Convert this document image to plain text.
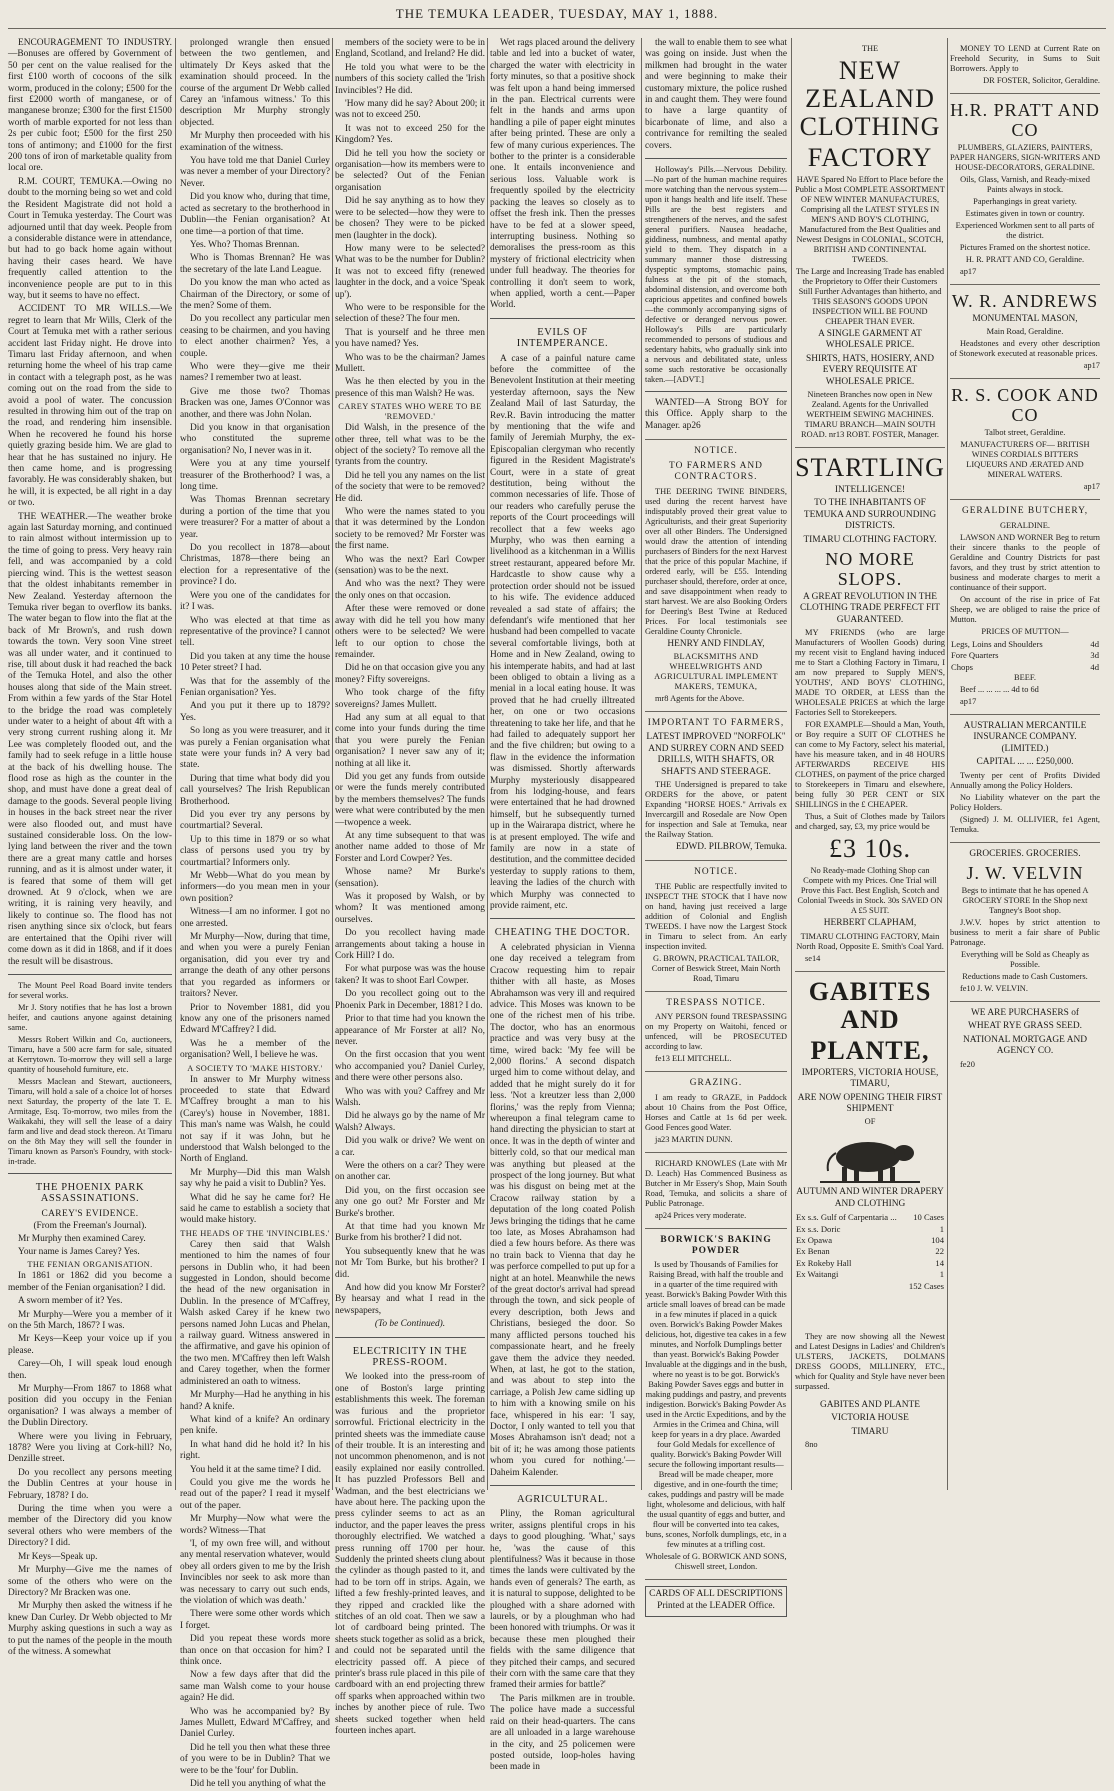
THE TEMUKA LEADER, TUESDAY, MAY 1, 1888.

ENCOURAGEMENT TO INDUSTRY.—Bonuses are offered by Government of 50 per cent on the value realised for the first £100 worth of cocoons of the silk worm, produced in the colony; £500 for the first £2000 worth of manganese, or of manganese bronze; £300 for the first £1500 worth of marble exported for not less than 2s per cubic foot; £500 for the first 250 tons of antimony; and £1000 for the first 200 tons of iron of marketable quality from local ore.

R.M. COURT, TEMUKA.—Owing no doubt to the morning being so wet and cold the Resident Magistrate did not hold a Court in Temuka yesterday. The Court was adjourned until that day week. People from a considerable distance were in attendance, but had to go back home again without having their cases heard. We have frequently called attention to the inconvenience people are put to in this way, but it seems to have no effect.

ACCIDENT TO MR WILLS.—We regret to learn that Mr Wills, Clerk of the Court at Temuka met with a rather serious accident last Friday night. He drove into Timaru last Friday afternoon, and when returning home the wheel of his trap came in contact with a telegraph post, as he was coming out on the road from the side to avoid a pool of water. The concussion resulted in throwing him out of the trap on the road, and rendering him insensible. When he recovered he found his horse quietly grazing beside him. We are glad to hear that he has sustained no injury. He then came home, and is progressing favorably. He was considerably shaken, but he will, it is expected, be all right in a day or two.

THE WEATHER.—The weather broke again last Saturday morning, and continued to rain almost without intermission up to the time of going to press. Very heavy rain fell, and was accompanied by a cold piercing wind. This is the wettest season that the oldest inhabitants remember in New Zealand. Yesterday afternoon the Temuka river began to overflow its banks. The water began to flow into the flat at the back of Mr Brown's, and rush down towards the town. Very soon Vine street was all under water, and it continued to rise, till about dusk it had reached the back of the Temuka Hotel, and also the other houses along that side of the Main street. From within a few yards of the Star Hotel to the bridge the road was completely under water to a height of about 4ft with a very strong current rushing along it. Mr Lee was completely flooded out, and the family had to seek refuge in a little house at the back of his dwelling house. The flood rose as high as the counter in the shop, and must have done a great deal of damage to the goods. Several people living in houses in the back street near the river were also flooded out, and must have sustained considerable loss. On the low-lying land between the river and the town there are a great many cattle and horses running, and as it is almost under water, it is feared that some of them will get drowned. At 9 o'clock, when we are writing, it is raining very heavily, and likely to continue so. The flood has not risen anything since six o'clock, but fears are entertained that the Opihi river will come down as it did in 1868, and if it does the result will be disastrous.

The Mount Peel Road Board invite tenders for several works.

Mr J. Story notifies that he has lost a brown heifer, and cautions anyone against detaining same.

Messrs Robert Wilkin and Co, auctioneers, Timaru, have a 500 acre farm for sale, situated at Kerrytown. To-morrow they will sell a large quantity of household furniture, etc.

Messrs Maclean and Stewart, auctioneers, Timaru, will hold a sale of a choice lot of horses next Saturday, the property of the late T. E. Armitage, Esq. To-morrow, two miles from the Waikakahi, they will sell the lease of a dairy farm and live and dead stock thereon. At Timaru on the 8th May they will sell the founder in Timaru known as Parson's Foundry, with stock-in-trade.

THE PHOENIX PARK ASSASSINATIONS.

CAREY'S EVIDENCE.

(From the Freeman's Journal).

Mr Murphy then examined Carey.

Your name is James Carey? Yes.

THE FENIAN ORGANISATION.

In 1861 or 1862 did you become a member of the Fenian organisation? I did.

A sworn member of it? Yes.

Mr Murphy—Were you a member of it on the 5th March, 1867? I was.

Mr Keys—Keep your voice up if you please.

Carey—Oh, I will speak loud enough then.

Mr Murphy—From 1867 to 1868 what position did you occupy in the Fenian organisation? I was always a member of the Dublin Directory.

Where were you living in February, 1878? Were you living at Cork-hill? No, Denzille street.

Do you recollect any persons meeting the Dublin Centres at your house in February, 1878? I do.

During the time when you were a member of the Directory did you know several others who were members of the Directory? I did.

Mr Keys—Speak up.

Mr Murphy—Give me the names of some of the others who were on the Directory? Mr Bracken was one.

Mr Murphy then asked the witness if he knew Dan Curley. Dr Webb objected to Mr Murphy asking questions in such a way as to put the names of the people in the mouth of the witness. A somewhat

prolonged wrangle then ensued between the two gentlemen, and ultimately Dr Keys asked that the examination should proceed. In the course of the argument Dr Webb called Carey an 'infamous witness.' To this description Mr Murphy strongly objected.

Mr Murphy then proceeded with his examination of the witness.

You have told me that Daniel Curley was never a member of your Directory? Never.

Did you know who, during that time, acted as secretary to the brotherhood in Dublin—the Fenian organisation? At one time—a portion of that time.

Yes. Who? Thomas Brennan.

Who is Thomas Brennan? He was the secretary of the late Land League.

Do you know the man who acted as Chairman of the Directory, or some of the men? Some of them.

Do you recollect any particular men ceasing to be chairmen, and you having to elect another chairmen? Yes, a couple.

Who were they—give me their names? I remember two at least.

Give me those two? Thomas Bracken was one, James O'Connor was another, and there was John Nolan.

Did you know in that organisation who constituted the supreme organisation? No, I never was in it.

Were you at any time yourself treasurer of the Brotherhood? I was, a long time.

Was Thomas Brennan secretary during a portion of the time that you were treasurer? For a matter of about a year.

Do you recollect in 1878—about Christmas, 1878—there being an election for a representative of the province? I do.

Were you one of the candidates for it? I was.

Who was elected at that time as representative of the province? I cannot tell.

Did you taken at any time the house 10 Peter street? I had.

Was that for the assembly of the Fenian organisation? Yes.

And you put it there up to 1879? Yes.

So long as you were treasurer, and it was purely a Fenian organisation what state were your funds in? A very bad state.

During that time what body did you call yourselves? The Irish Republican Brotherhood.

Did you ever try any persons by courtmartial? Several.

Up to this time in 1879 or so what class of persons used you try by courtmartial? Informers only.

Mr Webb—What do you mean by informers—do you mean men in your own position?

Witness—I am no informer. I got no one arrested.

Mr Murphy—Now, during that time, and when you were a purely Fenian organisation, did you ever try and arrange the death of any other persons that you regarded as informers or traitors? Never.

Prior to November 1881, did you know any one of the prisoners named Edward M'Caffrey? I did.

Was he a member of the organisation? Well, I believe he was.

A SOCIETY TO 'MAKE HISTORY.'

In answer to Mr Murphy witness proceeded to state that Edward M'Caffrey brought a man to his (Carey's) house in November, 1881. This man's name was Walsh, he could not say if it was John, but he understood that Walsh belonged to the North of England.

Mr Murphy—Did this man Walsh say why he paid a visit to Dublin? Yes.

What did he say he came for? He said he came to establish a society that would make history.

THE HEADS OF THE 'INVINCIBLES.'

Carey then said that Walsh mentioned to him the names of four persons in Dublin who, it had been suggested in London, should become the head of the new organisation in Dublin. In the presence of M'Caffrey, Walsh asked Carey if he knew two persons named John Lucas and Phelan, a railway guard. Witness answered in the affirmative, and gave his opinion of the two men. M'Caffrey then left Walsh and Carey together, when the former administered an oath to witness.

Mr Murphy—Had he anything in his hand? A knife.

What kind of a knife? An ordinary pen knife.

In what hand did he hold it? In his right.

You held it at the same time? I did.

Could you give me the words he read out of the paper? I read it myself out of the paper.

Mr Murphy—Now what were the words? Witness—That

'I, of my own free will, and without any mental reservation whatever, would obey all orders given to me by the Irish Invincibles nor seek to ask more than was necessary to carry out such ends, the violation of which was death.'

There were some other words which I forget.

Did you repeat these words more than once on that occasion for him? I think once.

Now a few days after that did the same man Walsh come to your house again? He did.

Who was he accompanied by? By James Mullett, Edward M'Caffrey, and Daniel Curley.

Did he tell you then what these three of you were to be in Dublin? That we were to be the 'four' for Dublin.

Did he tell you anything of what the

members of the society were to be in England, Scotland, and Ireland? He did.

He told you what were to be the numbers of this society called the 'Irish Invincibles'? He did.

'How many did he say? About 200; it was not to exceed 250.

It was not to exceed 250 for the Kingdom? Yes.

Did he tell you how the society or organisation—how its members were to be selected? Out of the Fenian organisation

Did he say anything as to how they were to be selected—how they were to be chosen? They were to be picked men (laughter in the dock).

How many were to be selected? What was to be the number for Dublin? It was not to exceed fifty (renewed laughter in the dock, and a voice 'Speak up').

Who were to be responsible for the selection of these? The four men.

That is yourself and he three men you have named? Yes.

Who was to be the chairman? James Mullett.

Was he then elected by you in the presence of this man Walsh? He was.

CAREY STATES WHO WERE TO BE 'REMOVED.'

Did Walsh, in the presence of the other three, tell what was to be the object of the society? To remove all the tyrants from the country.

Did he tell you any names on the list of the society that were to be removed? He did.

Who were the names stated to you that it was determined by the London society to be removed? Mr Forster was the first name.

Who was the next? Earl Cowper (sensation) was to be the next.

And who was the next? They were the only ones on that occasion.

After these were removed or done away with did he tell you how many others were to be selected? We were left to our option to chose the remainder.

Did he on that occasion give you any money? Fifty sovereigns.

Who took charge of the fifty sovereigns? James Mullett.

Had any sum at all equal to that come into your funds during the time that you were purely the Fenian organisation? I never saw any of it; nothing at all like it.

Did you get any funds from outside or were the funds merely contributed by the members themselves? The funds were what were contributed by the men—twopence a week.

At any time subsequent to that was another name added to those of Mr Forster and Lord Cowper? Yes.

Whose name? Mr Burke's (sensation).

Was it proposed by Walsh, or by whom? It was mentioned among ourselves.

Do you recollect having made arrangements about taking a house in Cork Hill? I do.

For what purpose was was the house taken? It was to shoot Earl Cowper.

Do you recollect going out to the Phoenix Park in December, 1881? I do.

Prior to that time had you known the appearance of Mr Forster at all? No, never.

On the first occasion that you went who accompanied you? Daniel Curley, and there were other persons also.

Who was with you? Caffrey and Mr Walsh.

Did he always go by the name of Mr Walsh? Always.

Did you walk or drive? We went on a car.

Were the others on a car? They were on another car.

Did you, on the first occasion see any one go out? Mr Forster and Mr Burke's brother.

At that time had you known Mr Burke from his brother? I did not.

You subsequently knew that he was not Mr Tom Burke, but his brother? I did.

And how did you know Mr Forster? By hearsay and what I read in the newspapers,

(To be Continued).

ELECTRICITY IN THE PRESS-ROOM.

We looked into the press-room of one of Boston's large printing establishments this week. The foreman was furious and the proprietor sorrowful. Frictional electricity in the printed sheets was the immediate cause of their trouble. It is an interesting and not uncommon phenomenon, and is not easily explained nor easily controlled. It has puzzled Professors Bell and Wadman, and the best electricians we have about here. The packing upon the press cylinder seems to act as an inductor, and the paper leaves the press thoroughly electrified. We watched a press running off 1700 per hour. Suddenly the printed sheets clung about the cylinder as though pasted to it, and had to be torn off in strips. Again, we lifted a few freshly-printed leaves, and they ripped and crackled like the stitches of an old coat. Then we saw a lot of cardboard being printed. The sheets stuck together as solid as a brick, and could not be separated until the electricity passed off. A piece of printer's brass rule placed in this pile of cardboard with an end projecting threw off sparks when approached within two inches by another piece of rule. Two sheets sucked together when held fourteen inches apart.

Wet rags placed around the delivery table and led into a bucket of water, charged the water with electricity in forty minutes, so that a positive shock was felt upon a hand being immersed in the pan. Electrical currents were felt in the hands and arms upon handling a pile of paper eight minutes after being printed. These are only a few of many curious experiences. The bother to the printer is a considerable one. It entails inconvenience and serious loss. Valuable work is frequently spoiled by the electricity packing the leaves so closely as to offset the fresh ink. Then the presses have to be fed at a slower speed, interrupting business. Nothing so demoralises the press-room as this mystery of frictional electricity when under full headway. The theories for controlling it don't seem to work, when applied, worth a cent.—Paper World.

EVILS OF INTEMPERANCE.

A case of a painful nature came before the committee of the Benevolent Institution at their meeting yesterday afternoon, says the New Zealand Mail of last Saturday, the Rev.R. Bavin introducing the matter by mentioning that the wife and family of Jeremiah Murphy, the ex-Episcopalian clergyman who recently figured in the Resident Magistrate's Court, were in a state of great destitution, being without the common necessaries of life. Those of our readers who carefully peruse the reports of the Court proceedings will recollect that a few weeks ago Murphy, who was then earning a livelihood as a kitchenman in a Willis street restaurant, appeared before Mr. Hardcastle to show cause why a protection order should not be issued to his wife. The evidence adduced revealed a sad state of affairs; the defendant's wife mentioned that her husband had been compelled to vacate several comfortable livings, both at Home and in New Zealand, owing to his intemperate habits, and had at last been obliged to obtain a living as a menial in a local eating house. It was proved that he had cruelly illtreated her, on one or two occasions threatening to take her life, and that he had failed to adequately support her and the five children; but owing to a flaw in the evidence the information was dismissed. Shortly afterwards Murphy mysteriously disappeared from his lodging-house, and fears were entertained that he had drowned himself, but he subsequently turned up in the Wairarapa district, where he is at present employed. The wife and family are now in a state of destitution, and the committee decided yesterday to supply rations to them, leaving the ladies of the church with which Murphy was connected to provide raiment, etc.

CHEATING THE DOCTOR.

A celebrated physician in Vienna one day received a telegram from Cracow requesting him to repair thither with all haste, as Moses Abrahamson was very ill and required advice. This Moses was known to be one of the richest men of his tribe. The doctor, who has an enormous practice and was very busy at the time, wired back: 'My fee will be 2,000 florins.' A second dispatch urged him to come without delay, and added that he might surely do it for less. 'Not a kreutzer less than 2,000 florins,' was the reply from Vienna; whereupon a final telegram came to hand directing the physician to start at once. It was in the depth of winter and bitterly cold, so that our medical man was anything but pleased at the prospect of the long journey. But what was his disgust on being met at the Cracow railway station by a deputation of the long coated Polish Jews bringing the tidings that he came too late, as Moses Abrahamson had died a few hours before. As there was no train back to Vienna that day he was perforce compelled to put up for a night at an hotel. Meanwhile the news of the great doctor's arrival had spread through the town, and sick people of every description, both Jews and Christians, besieged the door. So many afflicted persons touched his compassionate heart, and he freely gave them the advice they needed. When, at last, he got to the station, and was about to step into the carriage, a Polish Jew came sidling up to him with a knowing smile on his face, whispered in his ear: 'I say, Doctor, I only wanted to tell you that Moses Abrahamson isn't dead; not a bit of it; he was among those patients whom you cured for nothing.'—Daheim Kalender.

AGRICULTURAL.

Pliny, the Roman agricultural writer, assigns plentiful crops in his days to good ploughing. 'What,' says he, 'was the cause of this plentifulness? Was it because in those times the lands were cultivated by the hands even of generals? The earth, as it is natural to suppose, delighted to be ploughed with a share adorned with laurels, or by a ploughman who had been honored with triumphs. Or was it because these men ploughed their fields with the same diligence that they pitched their camps, and secured their corn with the same care that they framed their armies for battle?'

The Paris milkmen are in trouble. The police have made a successful raid on their head-quarters. The cans are all unloaded in a large warehouse in the city, and 25 policemen were posted outside, loop-holes having been made in

the wall to enable them to see what was going on inside. Just when the milkmen had brought in the water and were beginning to make their customary mixture, the police rushed in and caught them. They were found to have a large quantity of bicarbonate of lime, and also a contrivance for remilting the sealed covers.

Holloway's Pills.—Nervous Debility.—No part of the human machine requires more watching than the nervous system—upon it hangs health and life itself. These Pills are the best registers and strengtheners of the nerves, and the safest general purifiers. Nausea headache, giddiness, numbness, and mental apathy yield to them. They dispatch in a summary manner those distressing dyspeptic symptoms, stomachic pains, fulness at the pit of the stomach, abdominal distension, and overcome both capricious appetites and confined bowels—the commonly accompanying signs of defective or deranged nervous power. Holloway's Pills are particularly recommended to persons of studious and sedentary habits, who gradually sink into a nervous and debilitated state, unless some such restorative be occasionally taken.—[ADVT.]

WANTED—A Strong BOY for this Office. Apply sharp to the Manager. ap26

NOTICE.
TO FARMERS AND CONTRACTORS.

THE DEERING TWINE BINDERS, used during the recent harvest have indisputably proved their great value to Agriculturists, and their great Superiority over all other Binders. The Undersigned would draw the attention of intending purchasers of Binders for the next Harvest that the price of this popular Machine, if ordered early, will be £55. Intending purchaser should, therefore, order at once, and save disappointment when ready to start harvest. We are also Booking Orders for Deering's Best Twine at Reduced Prices. For local testimonials see Geraldine County Chronicle.

HENRY AND FINDLAY,

BLACKSMITHS AND WHEELWRIGHTS AND AGRICULTURAL IMPLEMENT MAKERS, TEMUKA,

mr8 Agents for the Above.

IMPORTANT TO FARMERS,

LATEST IMPROVED "NORFOLK" AND SURREY CORN AND SEED DRILLS, WITH SHAFTS, OR SHAFTS AND STEERAGE.

THE Undersigned is prepared to take ORDERS for the above, or patent Expanding "HORSE HOES." Arrivals ex Invercargill and Rosedale are Now Open for inspection and Sale at Temuka, near the Railway Station.

EDWD. PILBROW, Temuka.

NOTICE.

THE Public are respectfully invited to INSPECT THE STOCK that I have now on hand, having just received a large addition of Colonial and English TWEEDS. I have now the Largest Stock in Timaru to select from. An early inspection invited.

G. BROWN, PRACTICAL TAILOR, Corner of Beswick Street, Main North Road, Timaru

TRESPASS NOTICE.

ANY PERSON found TRESPASSING on my Property on Waitohi, fenced or unfenced, will be PROSECUTED according to law.

fe13 ELI MITCHELL.

GRAZING.

I am ready to GRAZE, in Paddock about 10 Chains from the Post Office, Horses and Cattle at 1s 6d per week. Good Fences good Water.

ja23 MARTIN DUNN.

RICHARD KNOWLES (Late with Mr D. Leach) Has Commenced Business as Butcher in Mr Essery's Shop, Main South Road, Temuka, and solicits a share of Public Patronage.

ap24 Prices very moderate.

BORWICK'S BAKING POWDER

Is used by Thousands of Families for Raising Bread, with half the trouble and in a quarter of the time required with yeast. Borwick's Baking Powder With this article small loaves of bread can be made in a few minutes if placed in a quick oven. Borwick's Baking Powder Makes delicious, hot, digestive tea cakes in a few minutes, and Norfolk Dumplings better than yeast. Borwick's Baking Powder Invaluable at the diggings and in the bush, where no yeast is to be got. Borwick's Baking Powder Saves eggs and butter in making puddings and pastry, and prevents indigestion. Borwick's Baking Powder As used in the Arctic Expeditions, and by the Armies in the Crimea and China, will keep for years in a dry place. Awarded four Gold Medals for excellence of quality. Borwick's Baking Powder Will secure the following important results— Bread will be made cheaper, more digestive, and in one-fourth the time; cakes, puddings and pastry will be made light, wholesome and delicious, with half the usual quantity of eggs and butter, and flour will be converted into tea cakes, buns, scones, Norfolk dumplings, etc, in a few minutes at a trifling cost.

Wholesale of G. BORWICK AND SONS, Chiswell street, London.

CARDS OF ALL DESCRIPTIONS Printed at the LEADER Office.

THE

NEW ZEALAND CLOTHING
FACTORY

HAVE Spared No Effort to Place before the Public a Most COMPLETE ASSORTMENT OF NEW WINTER MANUFACTURES, Comprising all the LATEST STYLES IN MEN'S AND BOY'S CLOTHING, Manufactured from the Best Qualities and Newest Designs in COLONIAL, SCOTCH, BRITISH AND CONTINENTAL TWEEDS.

The Large and Increasing Trade has enabled the Proprietory to Offer their Customers Still Further Advantages than hitherto, and THIS SEASON'S GOODS UPON INSPECTION WILL BE FOUND CHEAPER THAN EVER.

A SINGLE GARMENT AT WHOLESALE PRICE.

SHIRTS, HATS, HOSIERY, AND EVERY REQUISITE AT WHOLESALE PRICE.

Nineteen Branches now open in New Zealand. Agents for the Unrivalled WERTHEIM SEWING MACHINES. TIMARU BRANCH—MAIN SOUTH ROAD. nr13 ROBT. FOSTER, Manager.

STARTLING

INTELLIGENCE!

TO THE INHABITANTS OF TEMUKA AND SURROUNDING DISTRICTS.

TIMARU CLOTHING FACTORY.

NO MORE SLOPS.

A GREAT REVOLUTION IN THE CLOTHING TRADE PERFECT FIT GUARANTEED.

MY FRIENDS (who are large Manufacturers of Woollen Goods) during my recent visit to England having induced me to Start a Clothing Factory in Timaru, I am now prepared to Supply MEN'S, YOUTHS', AND BOYS' CLOTHING, MADE TO ORDER, at LESS than the WHOLESALE PRICES at which the large Factories Sell to Storekeepers.

FOR EXAMPLE—Should a Man, Youth, or Boy require a SUIT OF CLOTHES he can come to My Factory, select his material, have his measure taken, and in 48 HOURS AFTERWARDS RECEIVE HIS CLOTHES, on payment of the price charged to Storekeepers in Timaru and elsewhere, being fully 30 PER CENT or SIX SHILLINGS in the £ CHEAPER.

Thus, a Suit of Clothes made by Tailors and charged, say, £3, my price would be

£3 10s.

No Ready-made Clothing Shop can Compete with my Prices. One Trial will Prove this Fact. Best English, Scotch and Colonial Tweeds in Stock. 30s SAVED ON A £5 SUIT.

HERBERT CLAPHAM,

TIMARU CLOTHING FACTORY, Main North Road, Opposite E. Smith's Coal Yard.

se14

GABITES AND
PLANTE,

IMPORTERS, VICTORIA HOUSE, TIMARU,

ARE NOW OPENING THEIR FIRST SHIPMENT

OF

AUTUMN AND WINTER DRAPERY AND CLOTHING

Ex s.s. Gulf of Carpentaria ...	10 Cases
Ex s.s. Doric	1
Ex Opawa	104
Ex Benan	22
Ex Rokeby Hall	14
Ex Waitangi	1
	152 Cases

They are now showing all the Newest and Latest Designs in Ladies' and Children's ULSTERS, JACKETS, DOLMANS DRESS GOODS, MILLINERY, ETC., which for Quality and Style have never been surpassed.

GABITES AND PLANTE

VICTORIA HOUSE

TIMARU

8no

MONEY TO LEND at Current Rate on Freehold Security, in Sums to Suit Borrowers. Apply to

DR FOSTER, Solicitor, Geraldine.

H.R. PRATT AND CO

PLUMBERS, GLAZIERS, PAINTERS, PAPER HANGERS, SIGN-WRITERS AND HOUSE-DECORATORS, GERALDINE.

Oils, Glass, Varnish, and Ready-mixed Paints always in stock.

Paperhangings in great variety.

Estimates given in town or country.

Experienced Workmen sent to all parts of the district.

Pictures Framed on the shortest notice.

H. R. PRATT AND CO, Geraldine.

ap17

W. R. ANDREWS

MONUMENTAL MASON,

Main Road, Geraldine.

Headstones and every other description of Stonework executed at reasonable prices.

ap17

R. S. COOK AND CO

Talbot street, Geraldine.

MANUFACTURERS OF— BRITISH WINES CORDIALS BITTERS LIQUEURS AND ÆRATED AND MINERAL WATERS.

ap17

GERALDINE BUTCHERY,

GERALDINE.

LAWSON AND WORNER Beg to return their sincere thanks to the people of Geraldine and Country Districts for past favors, and they trust by strict attention to business and moderate charges to merit a continuance of their support.

On account of the rise in price of Fat Sheep, we are obliged to raise the price of Mutton.

PRICES OF MUTTON—

Legs, Loins and Shoulders	4d
Fore Quarters	3d
Chops	4d

BEEF.

Beef ... ... ... ... 4d to 6d

ap17

AUSTRALIAN MERCANTILE INSURANCE COMPANY. (LIMITED.)

CAPITAL ... ... £250,000.

Twenty per cent of Profits Divided Annually among the Policy Holders.

No Liability whatever on the part the Policy Holders.

(Signed) J. M. OLLIVIER, fe1 Agent, Temuka.

GROCERIES. GROCERIES.

J. W. VELVIN

Begs to intimate that he has opened A GROCERY STORE In the Shop next Tangney's Boot shop.

J.W.V. hopes by strict attention to business to merit a fair share of Public Patronage.

Everything will be Sold as Cheaply as Possible.

Reductions made to Cash Customers.

fe10 J. W. VELVIN.

WE ARE PURCHASERS of

WHEAT RYE GRASS SEED.

NATIONAL MORTGAGE AND AGENCY CO.

fe20
